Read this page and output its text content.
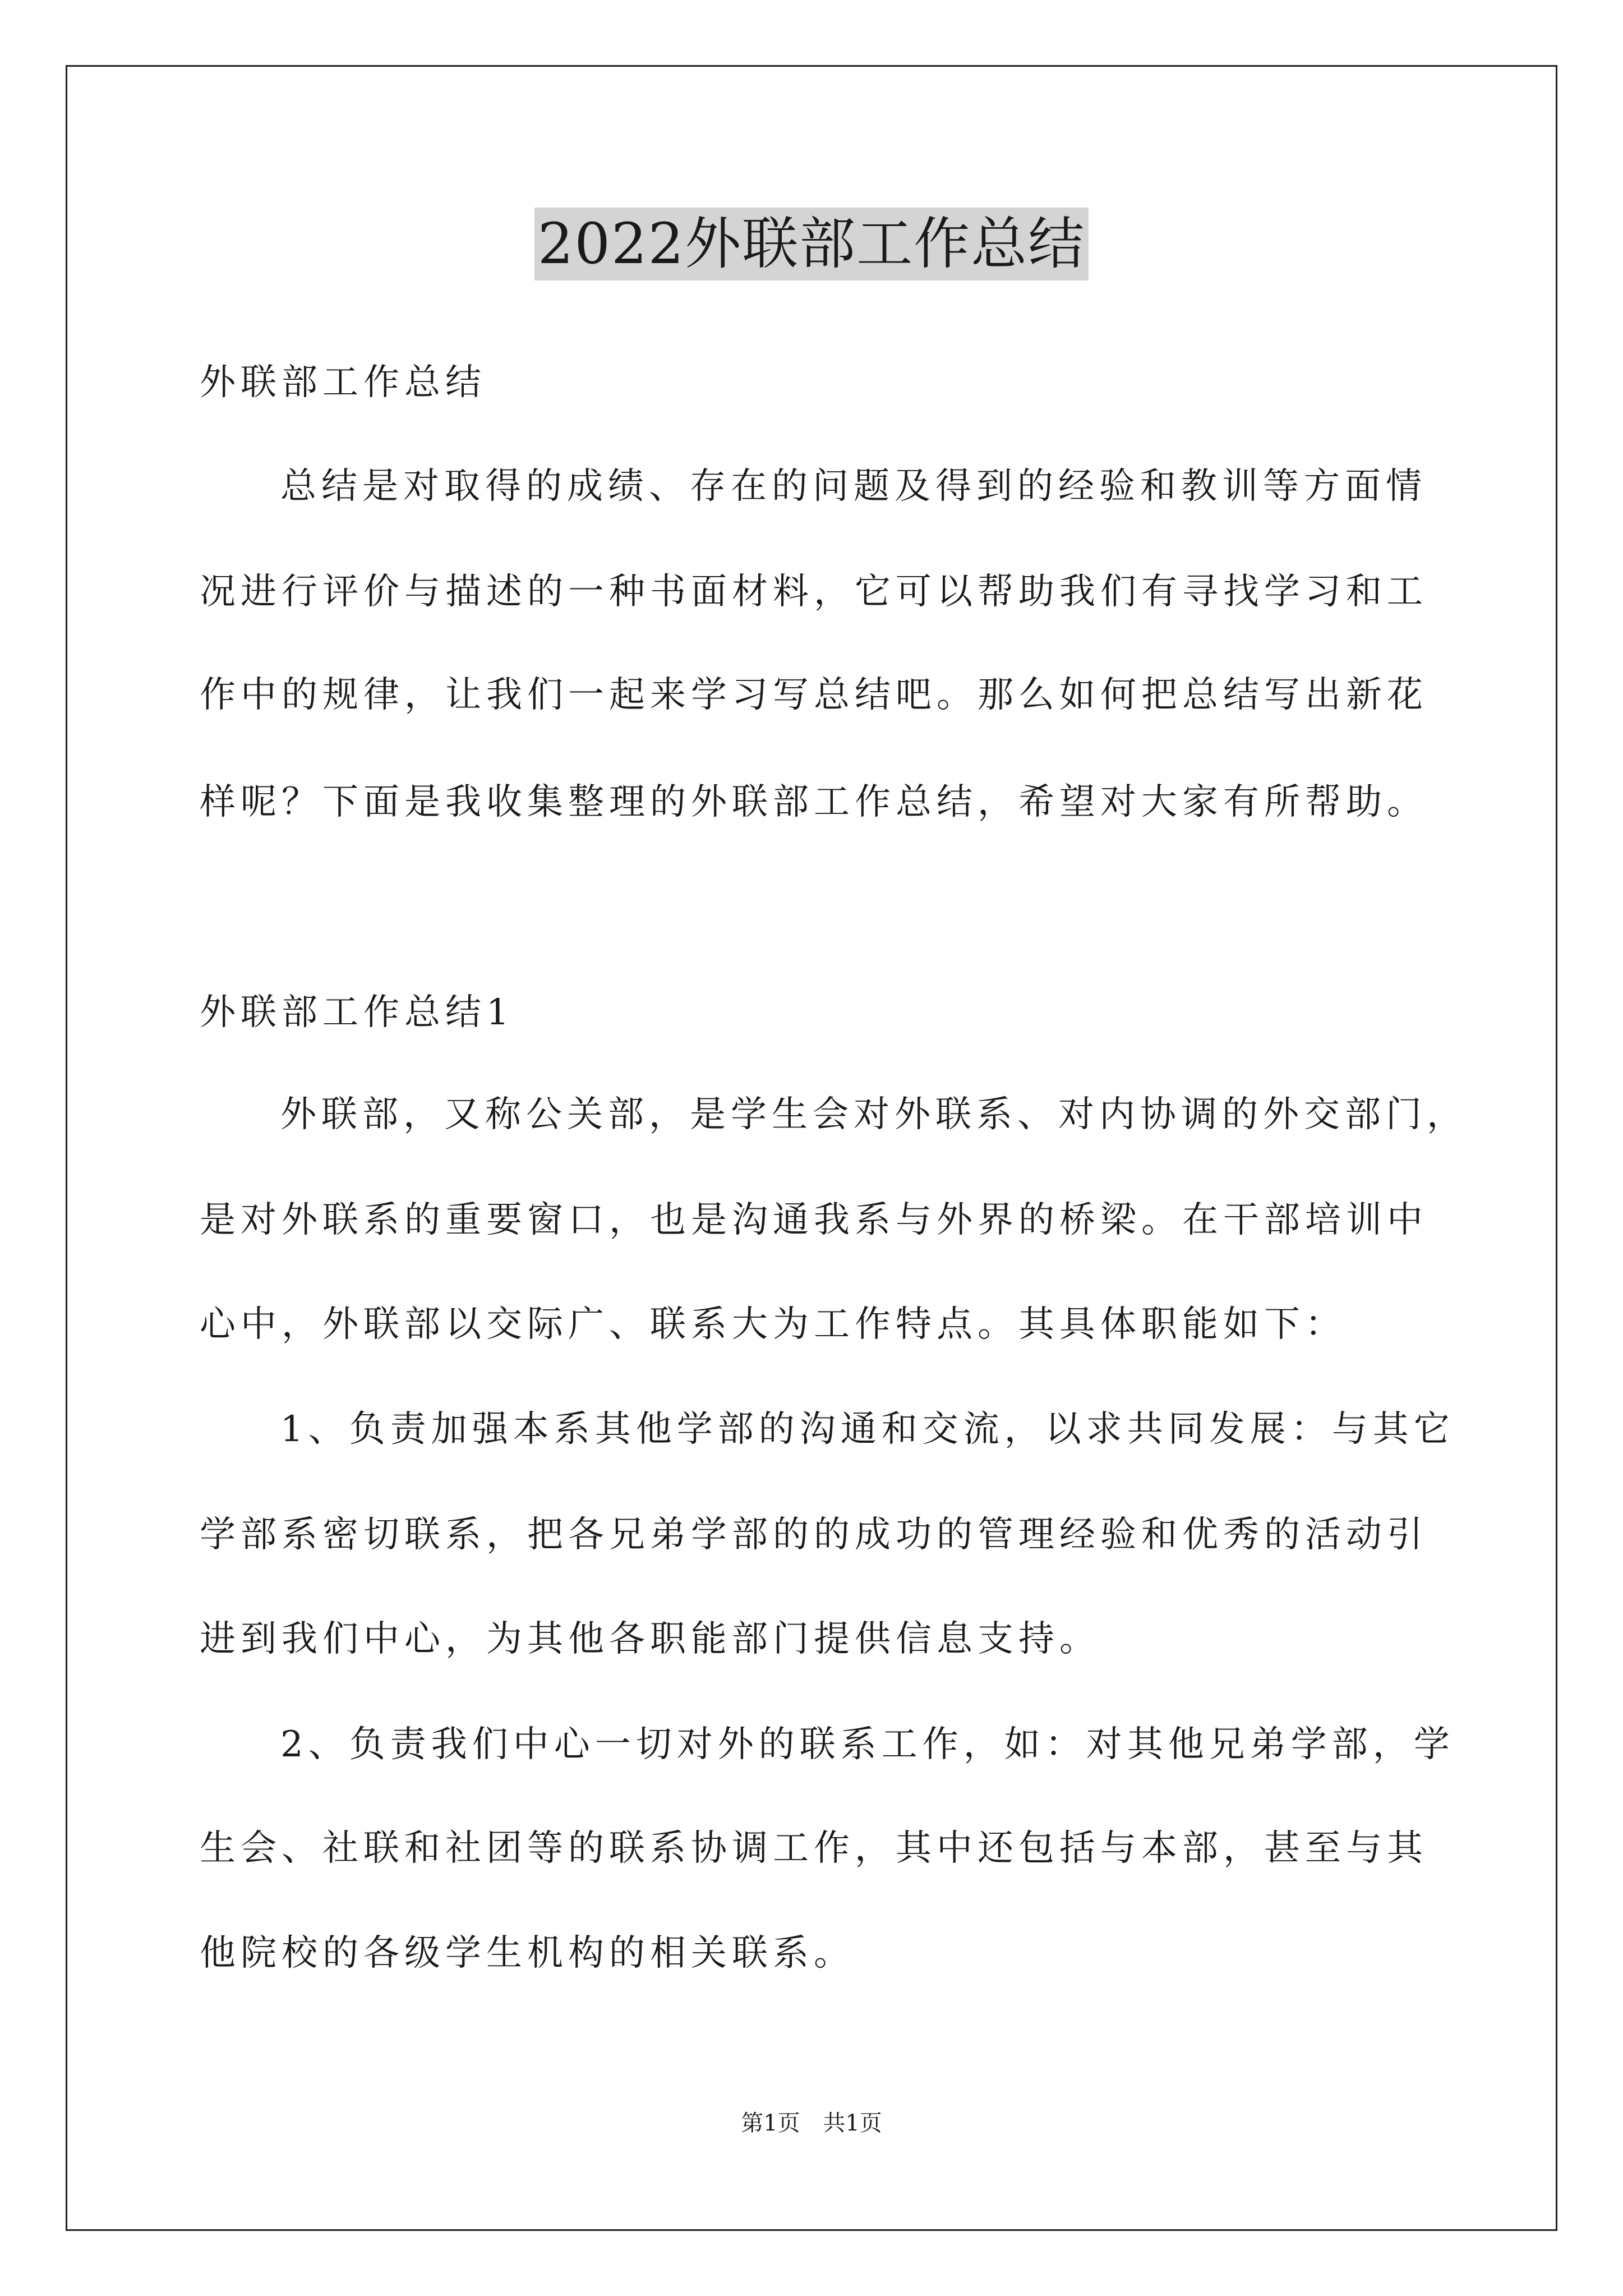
2022外联部工作总结
外联部工作总结
总结是对取得的成绩、存在的问题及得到的经验和教训等方面情
况进行评价与描述的一种书面材料，它可以帮助我们有寻找学习和工
作中的规律，让我们一起来学习写总结吧。那么如何把总结写出新花
样呢？下面是我收集整理的外联部工作总结，希望对大家有所帮助。
外联部工作总结1
外联部，又称公关部，是学生会对外联系、对内协调的外交部门，
是对外联系的重要窗口，也是沟通我系与外界的桥梁。在干部培训中
心中，外联部以交际广、联系大为工作特点。其具体职能如下：
1、负责加强本系其他学部的沟通和交流，以求共同发展：与其它
学部系密切联系，把各兄弟学部的的成功的管理经验和优秀的活动引
进到我们中心，为其他各职能部门提供信息支持。
2、负责我们中心一切对外的联系工作，如：对其他兄弟学部，学
生会、社联和社团等的联系协调工作，其中还包括与本部，甚至与其
他院校的各级学生机构的相关联系。
第1页 共1页
